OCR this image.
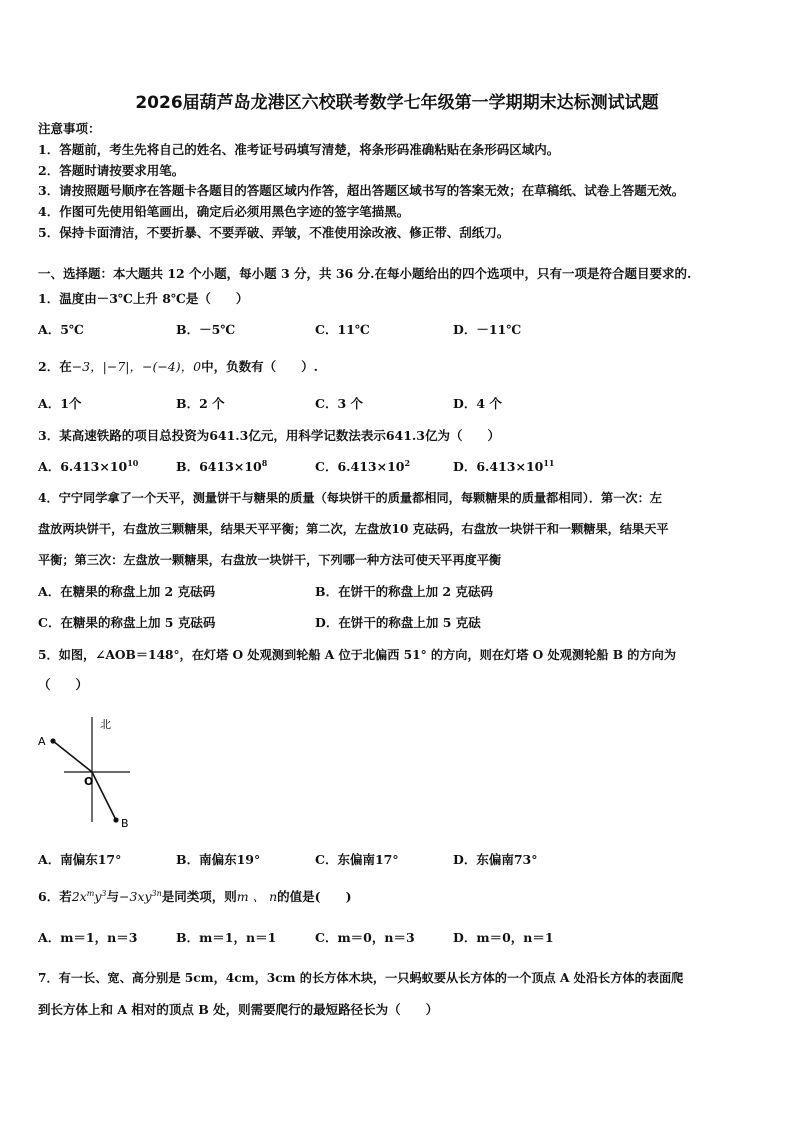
2026届葫芦岛龙港区六校联考数学七年级第一学期期末达标测试试题
注意事项：
1．答题前，考生先将自己的姓名、准考证号码填写清楚，将条形码准确粘贴在条形码区域内。
2．答题时请按要求用笔。
3．请按照题号顺序在答题卡各题目的答题区域内作答，超出答题区域书写的答案无效；在草稿纸、试卷上答题无效。
4．作图可先使用铅笔画出，确定后必须用黑色字迹的签字笔描黑。
5．保持卡面清洁，不要折暴、不要弄破、弄皱，不准使用涂改液、修正带、刮纸刀。
一、选择题：本大题共 12 个小题，每小题 3 分，共 36 分.在每小题给出的四个选项中，只有一项是符合题目要求的.
1．温度由－3℃上升 8℃是（　　）
A．5℃	B．－5℃	C．11℃	D．－11℃
2．在−3，|−7|，−(−4)，0中，负数有（　　）.
A．1个	B．2 个	C．3 个	D．4 个
3．某高速铁路的项目总投资为641.3亿元，用科学记数法表示641.3亿为（　　）
A．$6.413\times 10^{10}$	B．$6413\times 10^8$	C．$6.413\times 10^2$	D．$6.413\times 10^{11}$
4．宁宁同学拿了一个天平，测量饼干与糖果的质量（每块饼干的质量都相同，每颗糖果的质量都相同）．第一次：左
盘放两块饼干，右盘放三颗糖果，结果天平平衡；第二次，左盘放10 克砝码，右盘放一块饼干和一颗糖果，结果天平
平衡；第三次：左盘放一颗糖果，右盘放一块饼干，下列哪一种方法可使天平再度平衡
A．在糖果的称盘上加 2 克砝码	B．在饼干的称盘上加 2 克砝码
C．在糖果的称盘上加 5 克砝码	D．在饼干的称盘上加 5 克砝
5．如图，∠AOB＝148°，在灯塔 O 处观测到轮船 A 位于北偏西 51° 的方向，则在灯塔 O 处观测轮船 B 的方向为
（　　）
北
A
O
B
A．南偏东17°	B．南偏东19°	C．东偏南17°	D．东偏南73°
6．若$2x^my^3$与$-3xy^{3n}$是同类项，则m 、 n的值是(　　)
A．m＝1，n＝3	B．m＝1，n＝1	C．m＝0，n＝3	D．m＝0，n＝1
7．有一长、宽、高分别是 5cm，4cm，3cm 的长方体木块，一只蚂蚁要从长方体的一个顶点 A 处沿长方体的表面爬
到长方体上和 A 相对的顶点 B 处，则需要爬行的最短路径长为（　　）
